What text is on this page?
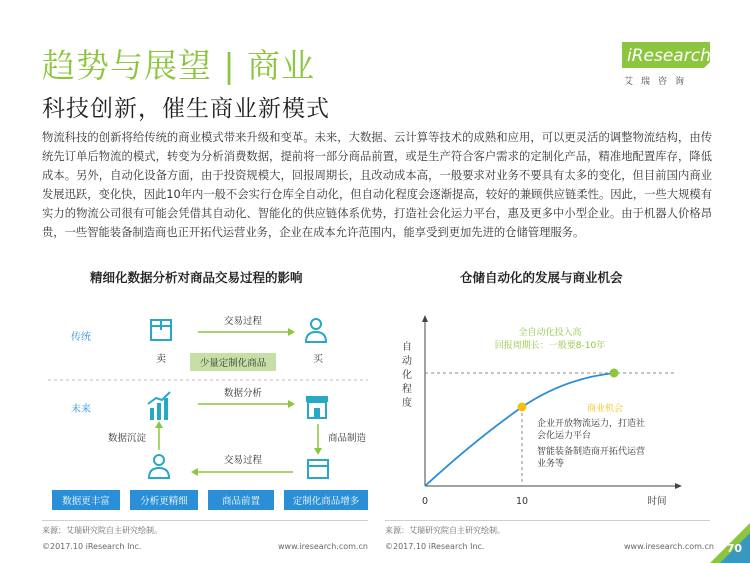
趋势与展望 | 商业
科技创新，催生商业新模式
iResearch
艾瑞咨询
物流科技的创新将给传统的商业模式带来升级和变革。未来，大数据、云计算等技术的成熟和应用，可以更灵活的调整物流结构，由传统先订单后物流的模式，转变为分析消费数据，提前将一部分商品前置，或是生产符合客户需求的定制化产品，精准地配置库存，降低成本。另外，自动化设备方面，由于投资规模大，回报周期长，且改动成本高，一般要求对业务不要具有太多的变化，但目前国内商业发展迅跃，变化快，因此10年内一般不会实行仓库全自动化，但自动化程度会逐渐提高，较好的兼顾供应链柔性。因此，一些大规模有实力的物流公司很有可能会凭借其自动化、智能化的供应链体系优势，打造社会化运力平台，惠及更多中小型企业。由于机器人价格昂贵，一些智能装备制造商也正开拓代运营业务，企业在成本允许范围内，能享受到更加先进的仓储管理服务。
精细化数据分析对商品交易过程的影响	仓储自动化的发展与商业机会
传统
卖
交易过程
买
少量定制化商品
未来
数据沉淀
数据分析
商品制造
交易过程
数据更丰富	分析更精细	商品前置	定制化商品增多
自动化程度
全自动化投入高
回报周期长：一般要8-10年
商业机会
企业开放物流运力，打造社
会化运力平台
智能装备制造商开拓代运营
业务等
0	10	时间
来源：艾瑞研究院自主研究绘制。	来源：艾瑞研究院自主研究绘制。
©2017.10 iResearch Inc.	©2017.10 iResearch Inc.
www.iresearch.com.cn	www.iresearch.com.cn 70
